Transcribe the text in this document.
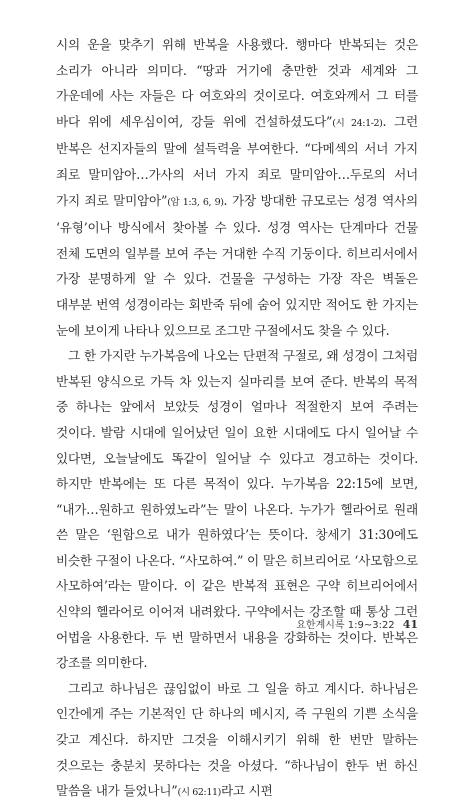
시의 운을 맞추기 위해 반복을 사용했다. 행마다 반복되는 것은 소리가 아니라 의미다. “땅과 거기에 충만한 것과 세계와 그 가운데에 사는 자들은 다 여호와의 것이로다. 여호와께서 그 터를 바다 위에 세우심이여, 강들 위에 건설하셨도다”(시 24:1-2). 그런 반복은 선지자들의 말에 설득력을 부여한다. “다메섹의 서너 가지 죄로 말미암아…가사의 서너 가지 죄로 말미암아…두로의 서너 가지 죄로 말미암아”(암 1:3, 6, 9). 가장 방대한 규모로는 성경 역사의 ‘유형’이나 방식에서 찾아볼 수 있다. 성경 역사는 단계마다 건물 전체 도면의 일부를 보여 주는 거대한 수직 기둥이다. 히브리서에서 가장 분명하게 알 수 있다. 건물을 구성하는 가장 작은 벽돌은 대부분 번역 성경이라는 회반죽 뒤에 숨어 있지만 적어도 한 가지는 눈에 보이게 나타나 있으므로 조그만 구절에서도 찾을 수 있다.

그 한 가지란 누가복음에 나오는 단편적 구절로, 왜 성경이 그처럼 반복된 양식으로 가득 차 있는지 실마리를 보여 준다. 반복의 목적 중 하나는 앞에서 보았듯 성경이 얼마나 적절한지 보여 주려는 것이다. 발람 시대에 일어났던 일이 요한 시대에도 다시 일어날 수 있다면, 오늘날에도 똑같이 일어날 수 있다고 경고하는 것이다. 하지만 반복에는 또 다른 목적이 있다. 누가복음 22:15에 보면, “내가…원하고 원하였노라”는 말이 나온다. 누가가 헬라어로 원래 쓴 말은 ‘원함으로 내가 원하였다’는 뜻이다. 창세기 31:30에도 비슷한 구절이 나온다. “사모하여.” 이 말은 히브리어로 ‘사모함으로 사모하여’라는 말이다. 이 같은 반복적 표현은 구약 히브리어에서 신약의 헬라어로 이어져 내려왔다. 구약에서는 강조할 때 통상 그런 어법을 사용한다. 두 번 말하면서 내용을 강화하는 것이다. 반복은 강조를 의미한다.

그리고 하나님은 끊임없이 바로 그 일을 하고 계시다. 하나님은 인간에게 주는 기본적인 단 하나의 메시지, 즉 구원의 기쁜 소식을 갖고 계신다. 하지만 그것을 이해시키기 위해 한 번만 말하는 것으로는 충분치 못하다는 것을 아셨다. “하나님이 한두 번 하신 말씀을 내가 들었나니”(시 62:11)라고 시편

요한계시록 1:9~3:22 41
